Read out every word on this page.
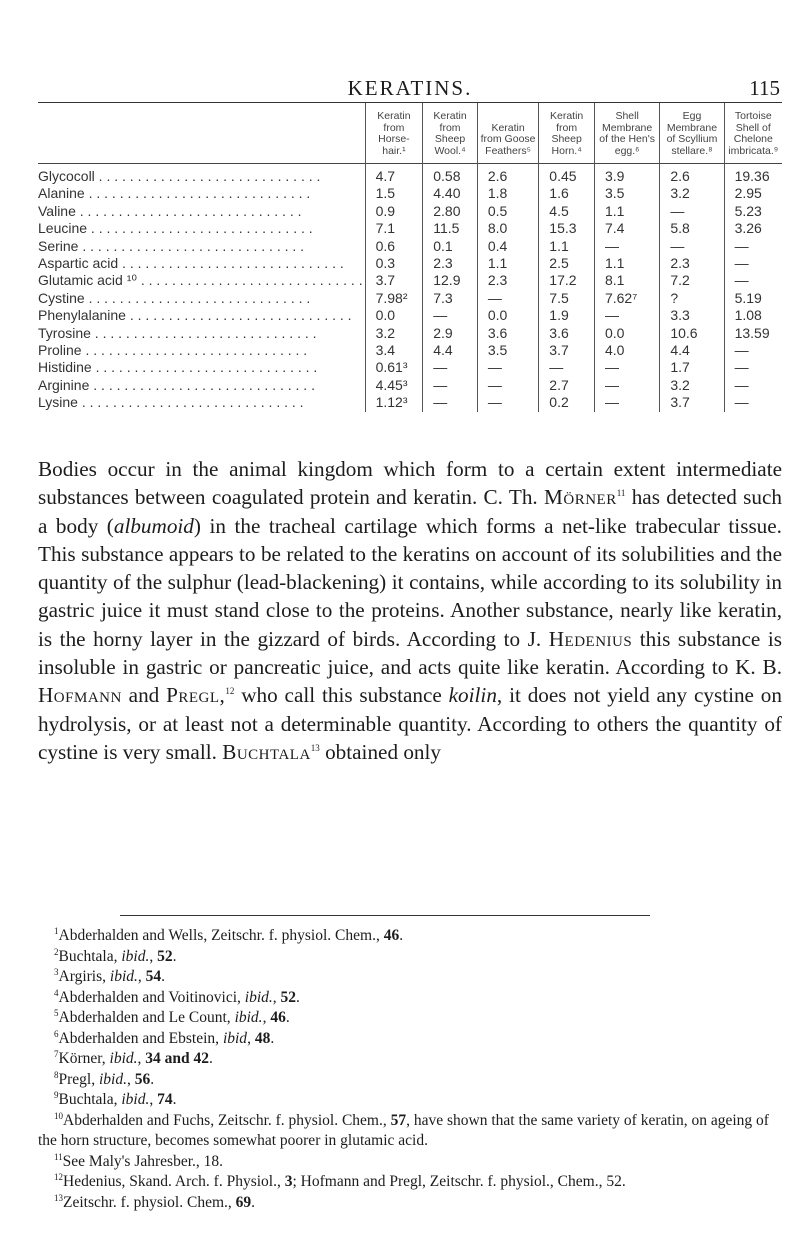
KERATINS.	115
	Keratin from Horse-hair.¹	Keratin from Sheep Wool.⁴	Keratin from Goose Feathers⁵	Keratin from Sheep Horn.⁴	Shell Membrane of the Hen's egg.⁶	Egg Membrane of Scyllium stellare.⁸	Tortoise Shell of Chelone imbricata.⁹
Glycocoll . . . . . . . . . . . . . . . . . . . . . . . . . . . . .	4.7	0.58	2.6	0.45	3.9	2.6	19.36
Alanine . . . . . . . . . . . . . . . . . . . . . . . . . . . . .	1.5	4.40	1.8	1.6	3.5	3.2	2.95
Valine . . . . . . . . . . . . . . . . . . . . . . . . . . . . .	0.9	2.80	0.5	4.5	1.1	—	5.23
Leucine . . . . . . . . . . . . . . . . . . . . . . . . . . . . .	7.1	11.5	8.0	15.3	7.4	5.8	3.26
Serine . . . . . . . . . . . . . . . . . . . . . . . . . . . . .	0.6	0.1	0.4	1.1	—	—	—
Aspartic acid . . . . . . . . . . . . . . . . . . . . . . . . . . . . .	0.3	2.3	1.1	2.5	1.1	2.3	—
Glutamic acid ¹⁰ . . . . . . . . . . . . . . . . . . . . . . . . . . . . .	3.7	12.9	2.3	17.2	8.1	7.2	—
Cystine . . . . . . . . . . . . . . . . . . . . . . . . . . . . .	7.98²	7.3	—	7.5	7.62⁷	?	5.19
Phenylalanine . . . . . . . . . . . . . . . . . . . . . . . . . . . . .	0.0	—	0.0	1.9	—	3.3	1.08
Tyrosine . . . . . . . . . . . . . . . . . . . . . . . . . . . . .	3.2	2.9	3.6	3.6	0.0	10.6	13.59
Proline . . . . . . . . . . . . . . . . . . . . . . . . . . . . .	3.4	4.4	3.5	3.7	4.0	4.4	—
Histidine . . . . . . . . . . . . . . . . . . . . . . . . . . . . .	0.61³	—	—	—	—	1.7	—
Arginine . . . . . . . . . . . . . . . . . . . . . . . . . . . . .	4.45³	—	—	2.7	—	3.2	—
Lysine . . . . . . . . . . . . . . . . . . . . . . . . . . . . .	1.12³	—	—	0.2	—	3.7	—

Bodies occur in the animal kingdom which form to a certain extent intermediate substances between coagulated protein and keratin. C. Th. Mörner$^{11}$ has detected such a body (albumoid) in the tracheal cartilage which forms a net-like trabecular tissue. This substance appears to be related to the keratins on account of its solubilities and the quantity of the sulphur (lead-blackening) it contains, while according to its solubility in gastric juice it must stand close to the proteins. Another substance, nearly like keratin, is the horny layer in the gizzard of birds. According to J. Hedenius this substance is insoluble in gastric or pancreatic juice, and acts quite like keratin. According to K. B. Hofmann and Pregl,$^{12}$ who call this substance koilin, it does not yield any cystine on hydrolysis, or at least not a determinable quantity. According to others the quantity of cystine is very small. Buchtala$^{13}$ obtained only

$^1$Abderhalden and Wells, Zeitschr. f. physiol. Chem., 46.

$^2$Buchtala, ibid., 52.

$^3$Argiris, ibid., 54.

$^4$Abderhalden and Voitinovici, ibid., 52.

$^5$Abderhalden and Le Count, ibid., 46.

$^6$Abderhalden and Ebstein, ibid, 48.

$^7$Körner, ibid., 34 and 42.

$^8$Pregl, ibid., 56.

$^9$Buchtala, ibid., 74.

$^{10}$Abderhalden and Fuchs, Zeitschr. f. physiol. Chem., 57, have shown that the same variety of keratin, on ageing of the horn structure, becomes somewhat poorer in glutamic acid.

$^{11}$See Maly's Jahresber., 18.

$^{12}$Hedenius, Skand. Arch. f. Physiol., 3; Hofmann and Pregl, Zeitschr. f. physiol., Chem., 52.

$^{13}$Zeitschr. f. physiol. Chem., 69.
